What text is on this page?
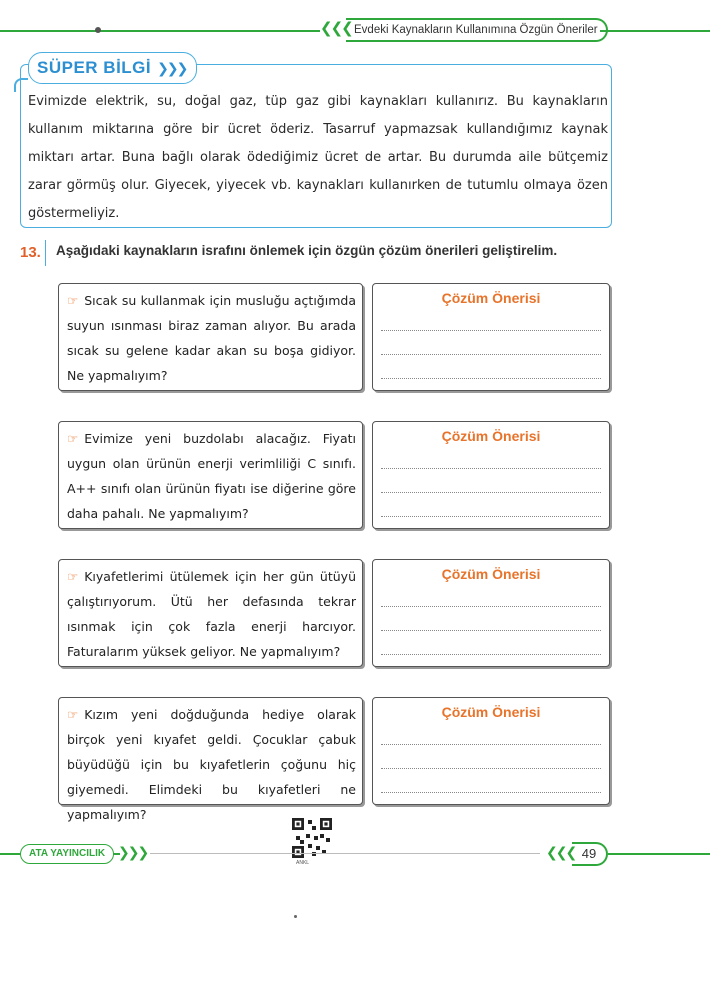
❮❮❮ Evdeki Kaynakların Kullanımına Özgün Öneriler
SÜPER BİLGİ ❯❯❯
Evimizde elektrik, su, doğal gaz, tüp gaz gibi kaynakları kullanırız. Bu kaynakların kullanım miktarına göre bir ücret öderiz. Tasarruf yapmazsak kullandığımız kaynak miktarı artar. Buna bağlı olarak ödediğimiz ücret de artar. Bu durumda aile bütçemiz zarar görmüş olur. Giyecek, yiyecek vb. kaynakları kullanırken de tutumlu olmaya özen göstermeliyiz.
13.	Aşağıdaki kaynakların israfını önlemek için özgün çözüm önerileri geliştirelim.
☞ Sıcak su kullanmak için musluğu açtığımda suyun ısınması biraz zaman alıyor. Bu arada sıcak su gelene kadar akan su boşa gidiyor. Ne yapmalıyım?
Çözüm Önerisi
☞ Evimize yeni buzdolabı alacağız. Fiyatı uygun olan ürünün enerji verimliliği C sınıfı. A++ sınıfı olan ürünün fiyatı ise diğerine göre daha pahalı. Ne yapmalıyım?
Çözüm Önerisi
☞ Kıyafetlerimi ütülemek için her gün ütüyü çalıştırıyorum. Ütü her defasında tekrar ısınmak için çok fazla enerji harcıyor. Faturalarım yüksek geliyor. Ne yapmalıyım?
Çözüm Önerisi
☞ Kızım yeni doğduğunda hediye olarak birçok yeni kıyafet geldi. Çocuklar çabuk büyüdüğü için bu kıyafetlerin çoğunu hiç giyemedi. Elimdeki bu kıyafetleri ne yapmalıyım?
Çözüm Önerisi
ANKL
ATA YAYINCILIK ❯❯❯	❮❮❮ 49
